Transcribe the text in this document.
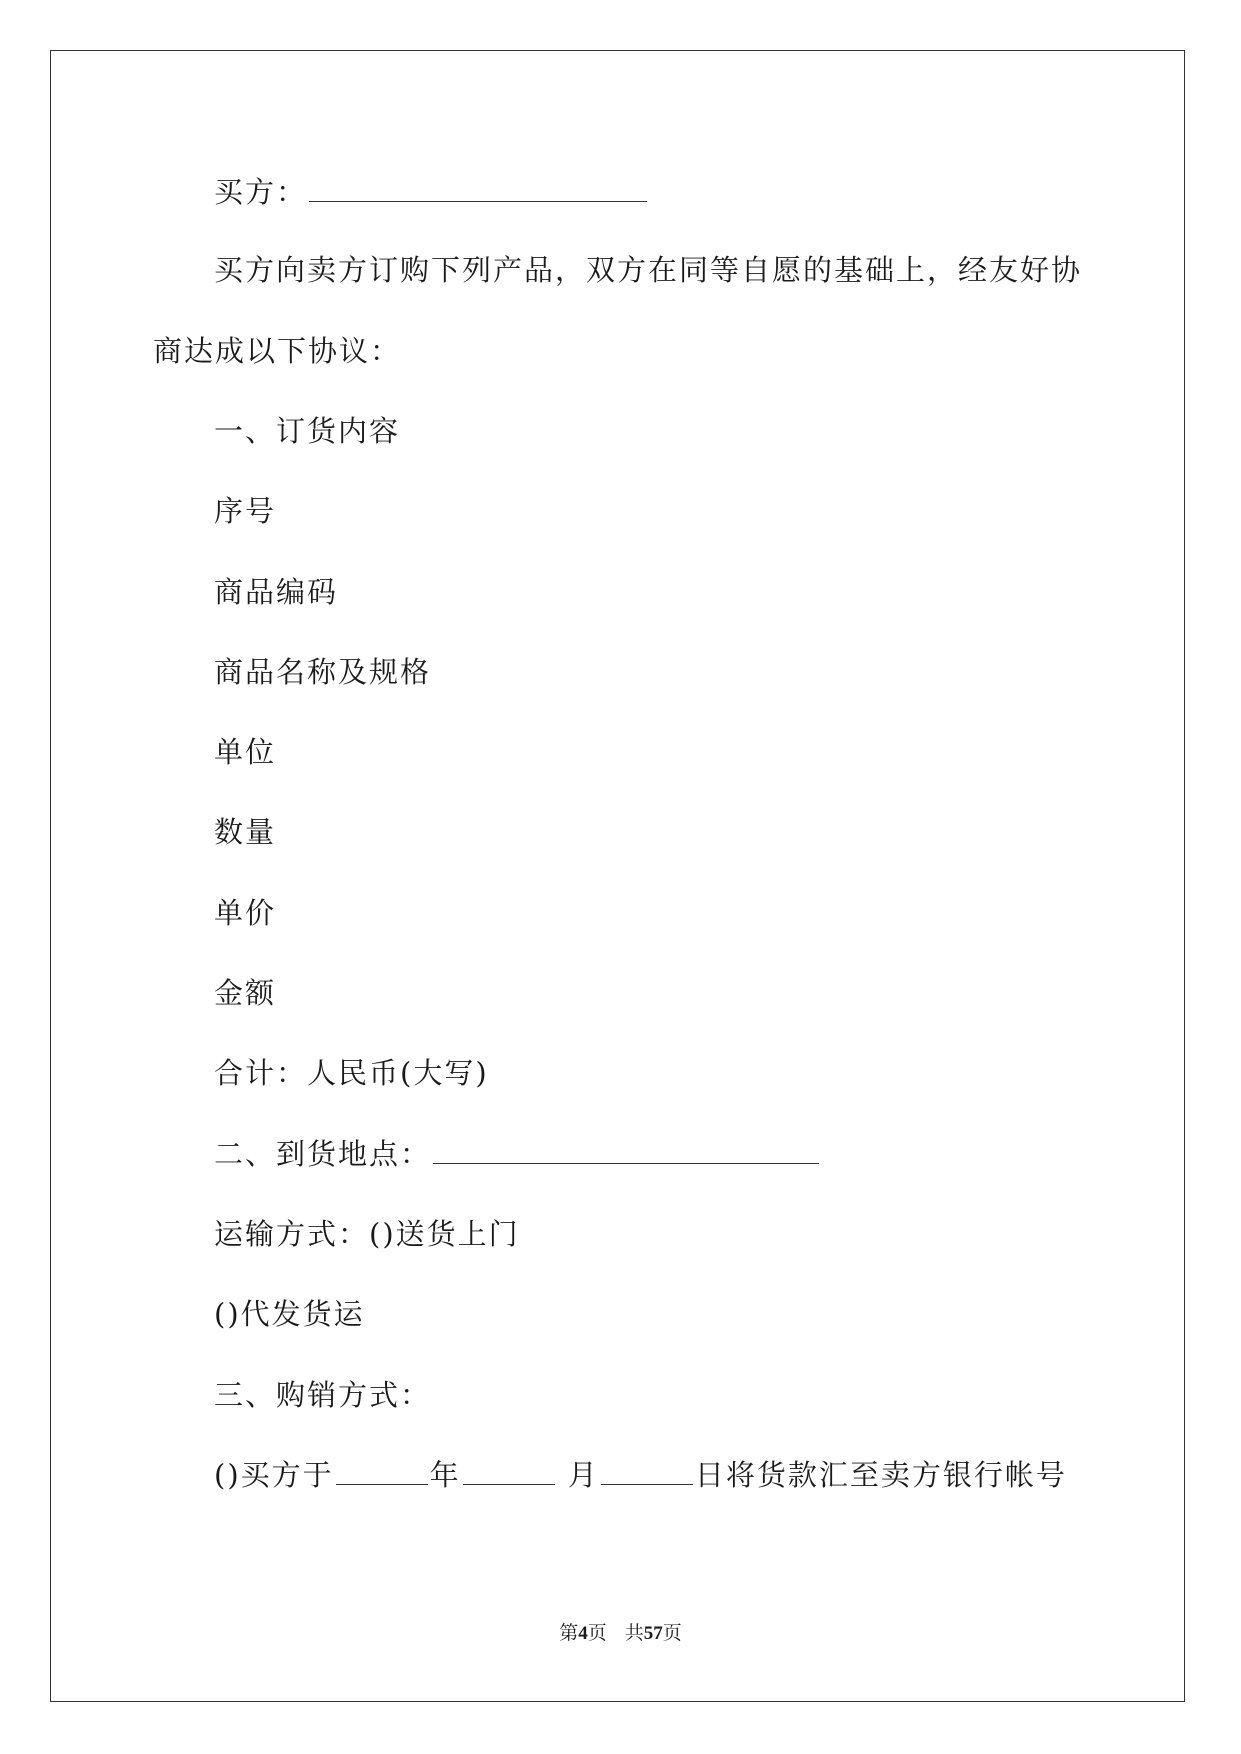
买方：
买方向卖方订购下列产品，双方在同等自愿的基础上，经友好协
商达成以下协议：
一、订货内容
序号
商品编码
商品名称及规格
单位
数量
单价
金额
合计：人民币(大写)
二、到货地点：
运输方式：()送货上门
()代发货运
三、购销方式：
()买方于	年	月	日将货款汇至卖方银行帐号
第4页 共57页
